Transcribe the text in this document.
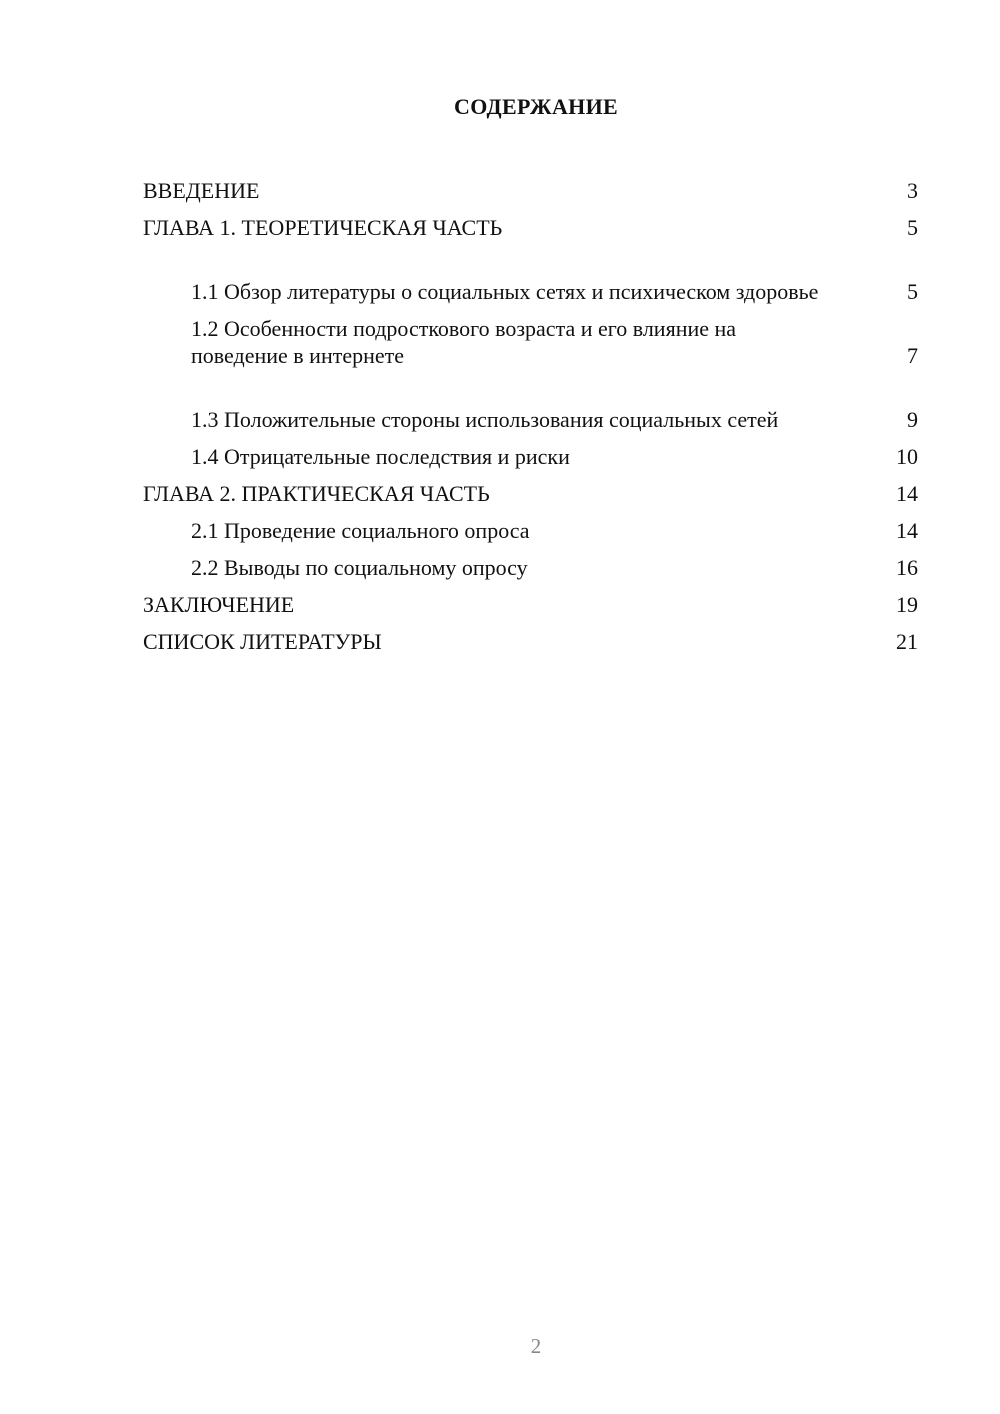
СОДЕРЖАНИЕ
ВВЕДЕНИЕ	3
ГЛАВА 1. ТЕОРЕТИЧЕСКАЯ ЧАСТЬ	5
1.1 Обзор литературы о социальных сетях и психическом здоровье	5
1.2 Особенности подросткового возраста и его влияние на поведение в интернете	7
1.3 Положительные стороны использования социальных сетей	9
1.4 Отрицательные последствия и риски	10
ГЛАВА 2. ПРАКТИЧЕСКАЯ ЧАСТЬ	14
2.1 Проведение социального опроса	14
2.2 Выводы по социальному опросу	16
ЗАКЛЮЧЕНИЕ	19
СПИСОК ЛИТЕРАТУРЫ	21
2
